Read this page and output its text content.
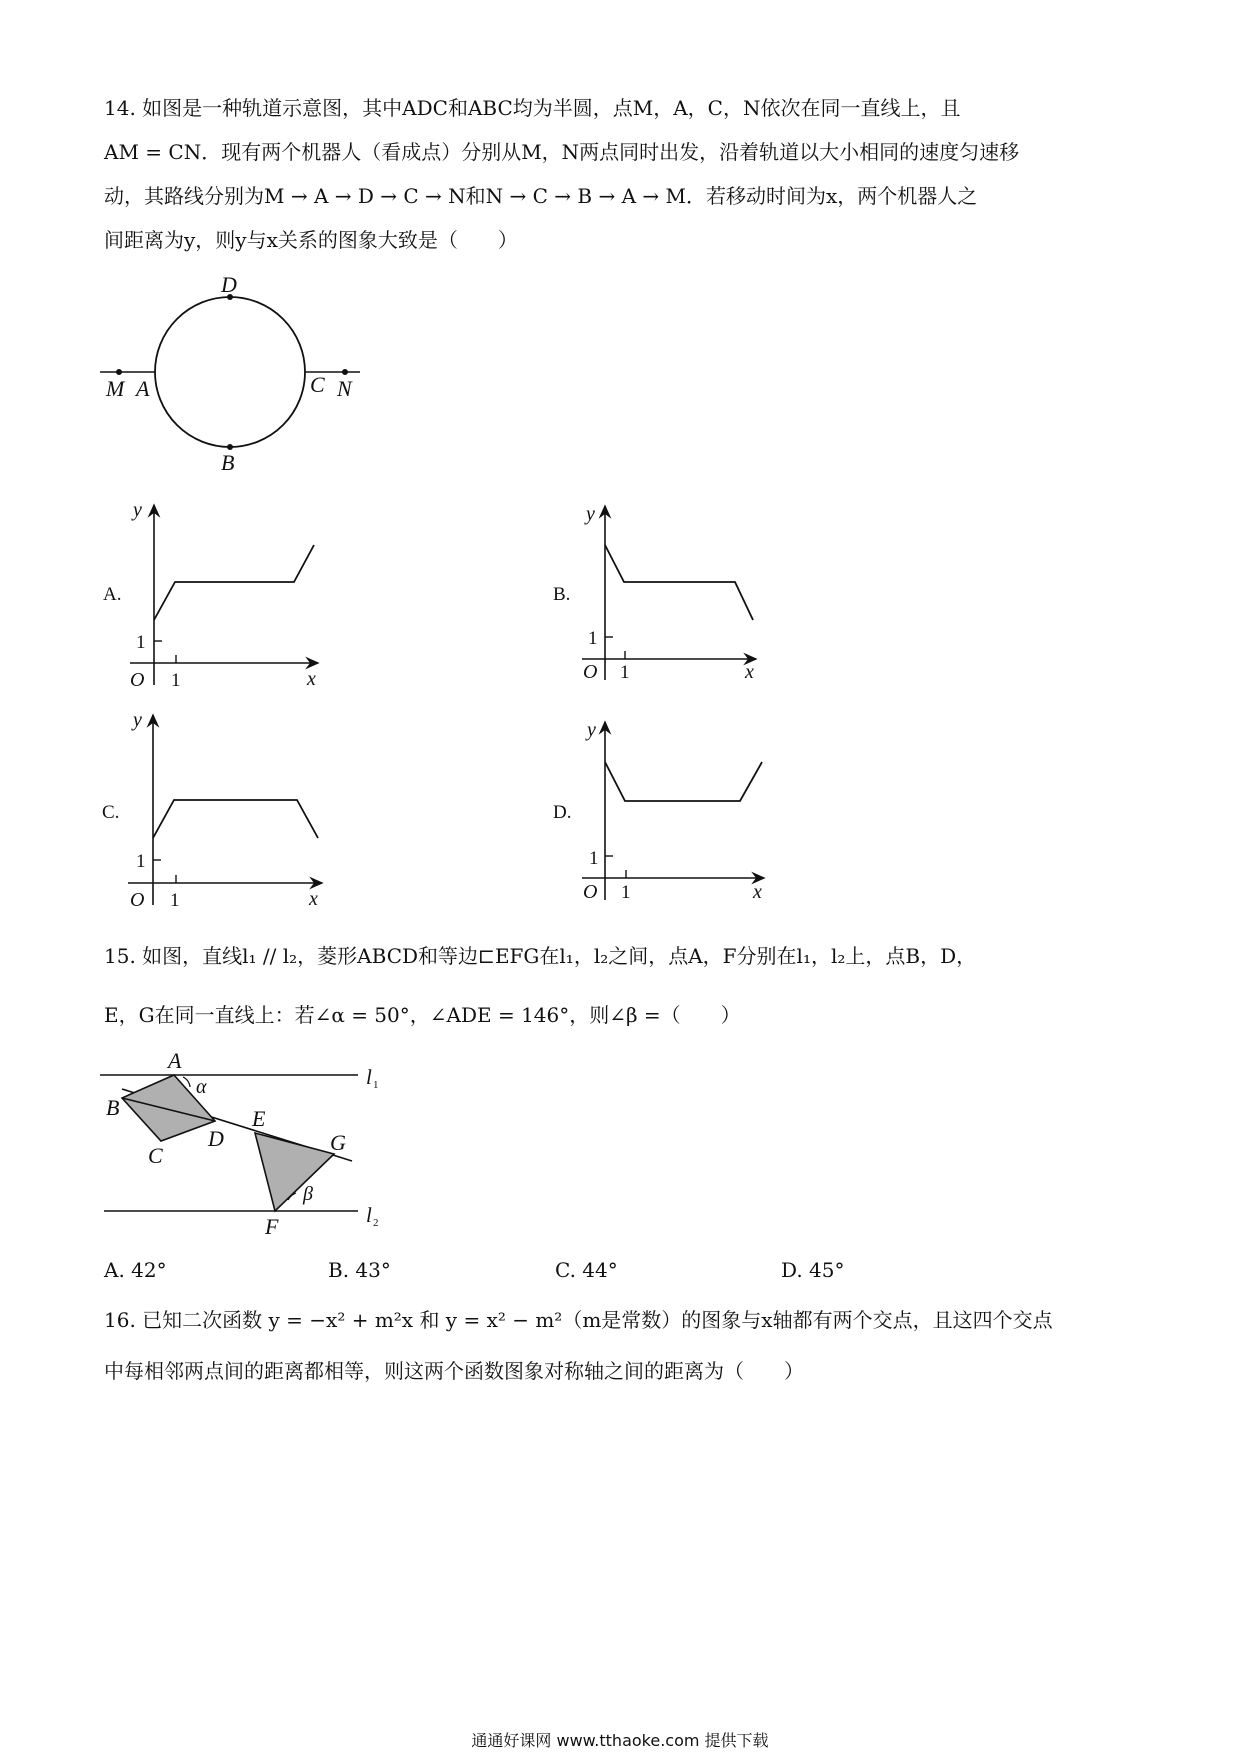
14. 如图是一种轨道示意图，其中ADC和ABC均为半圆，点M，A，C，N依次在同一直线上，且
AM = CN．现有两个机器人（看成点）分别从M，N两点同时出发，沿着轨道以大小相同的速度匀速移
动，其路线分别为M → A → D → C → N和N → C → B → A → M．若移动时间为x，两个机器人之
间距离为y，则y与x关系的图象大致是（　　）
D
B
M A	C N
A.
y
x
O 1
1
B.
y
x
O 1
1
C.
y
x
O 1
1
D.
y
x
O 1
1
15. 如图，直线l₁ // l₂，菱形ABCD和等边⊏EFG在l₁，l₂之间，点A，F分别在l₁，l₂上，点B，D，
E，G在同一直线上：若∠α = 50°，∠ADE = 146°，则∠β =（　　）
A
B
C
D
E
F
G
α
β
l 1
l 2
A. 42°	B. 43°	C. 44°	D. 45°
16. 已知二次函数 y = −x² + m²x 和 y = x² − m²（m是常数）的图象与x轴都有两个交点，且这四个交点
中每相邻两点间的距离都相等，则这两个函数图象对称轴之间的距离为（　　）
通通好课网 www.tthaoke.com 提供下载
